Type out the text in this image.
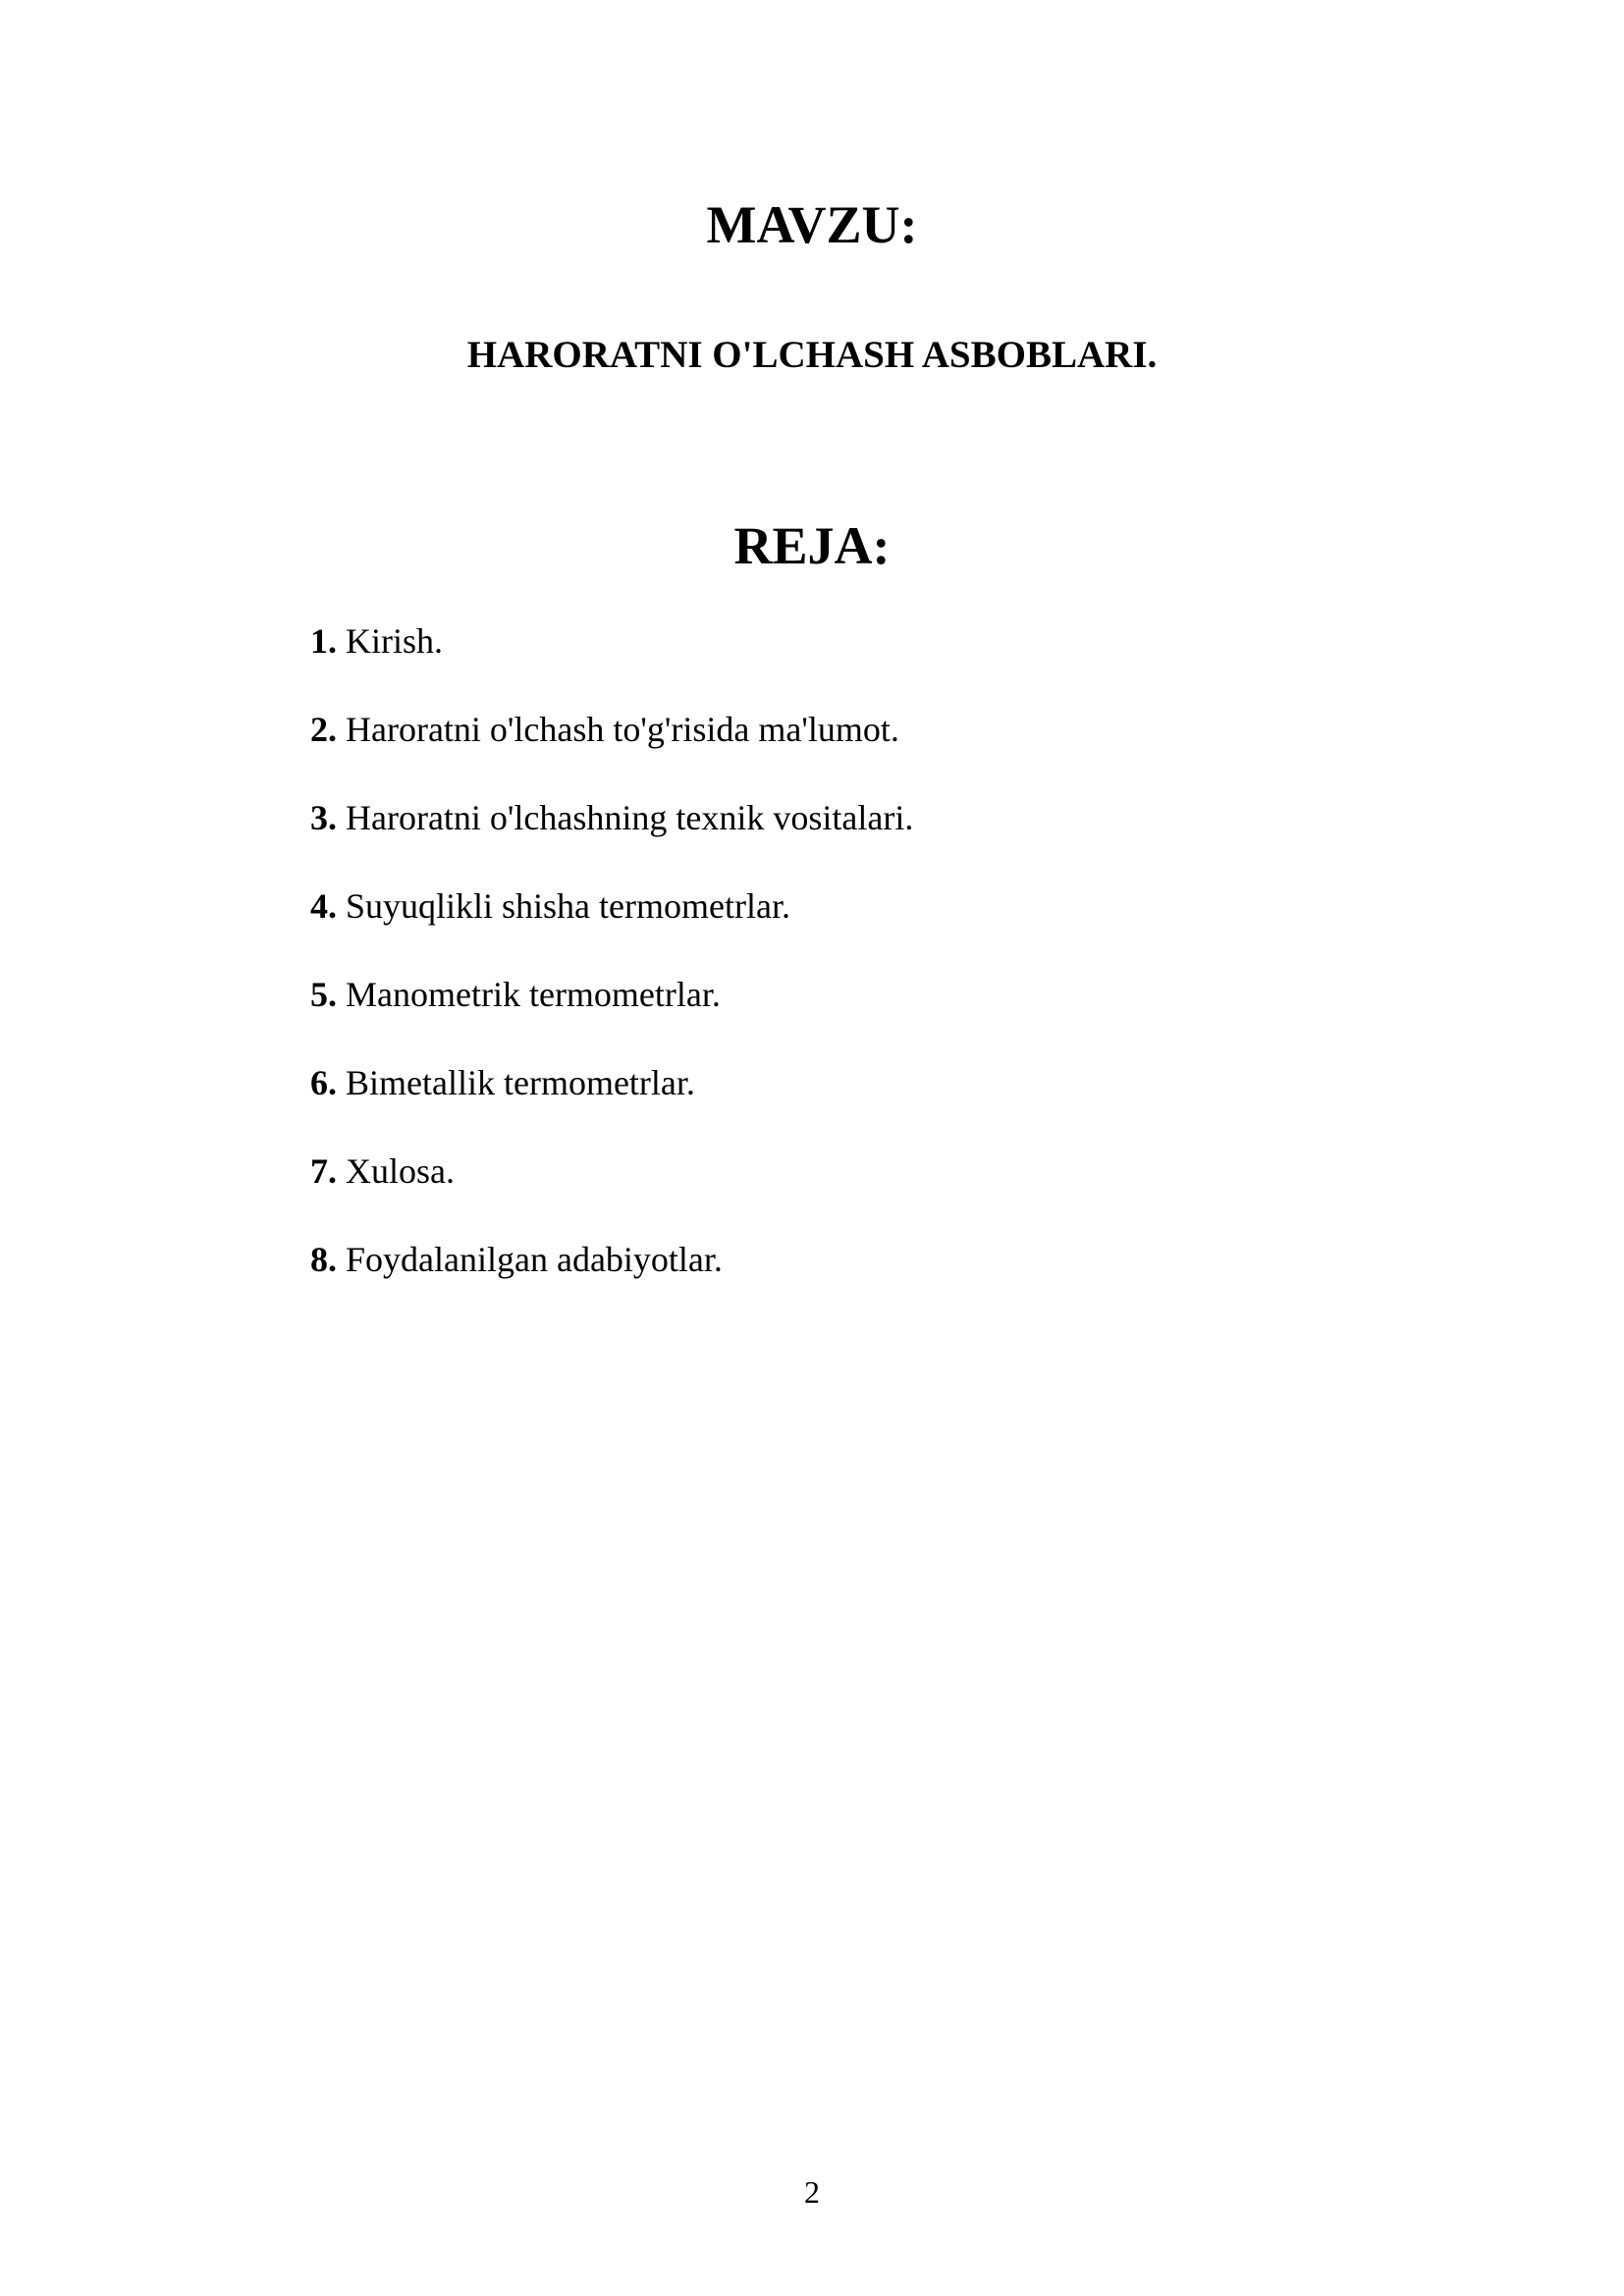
MAVZU:
HARORATNI O'LCHASH ASBOBLARI.
REJA:
1. Kirish.
2. Haroratni o'lchash to'g'risida ma'lumot.
3. Haroratni o'lchashning texnik vositalari.
4. Suyuqlikli shisha termometrlar.
5. Manometrik termometrlar.
6. Bimetallik termometrlar.
7. Xulosa.
8. Foydalanilgan adabiyotlar.
2
